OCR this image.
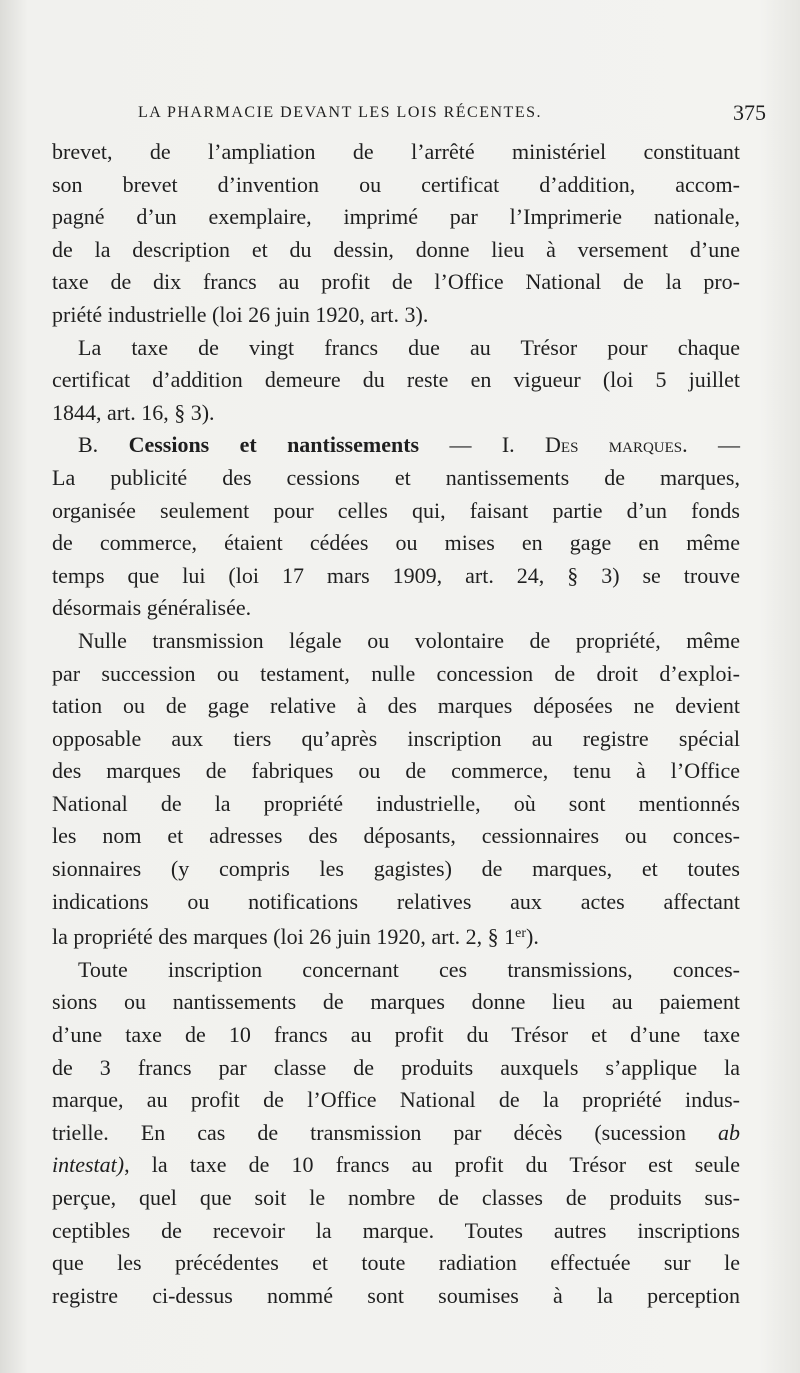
LA PHARMACIE DEVANT LES LOIS RÉCENTES.	375
brevet, de l’ampliation de l’arrêté ministériel constituant
son brevet d’invention ou certificat d’addition, accom-
pagné d’un exemplaire, imprimé par l’Imprimerie nationale,
de la description et du dessin, donne lieu à versement d’une
taxe de dix francs au profit de l’Office National de la pro-
priété industrielle (loi 26 juin 1920, art. 3).
La taxe de vingt francs due au Trésor pour chaque
certificat d’addition demeure du reste en vigueur (loi 5 juillet
1844, art. 16, § 3).
B. Cessions et nantissements — I. Des marques. —
La publicité des cessions et nantissements de marques,
organisée seulement pour celles qui, faisant partie d’un fonds
de commerce, étaient cédées ou mises en gage en même
temps que lui (loi 17 mars 1909, art. 24, § 3) se trouve
désormais généralisée.
Nulle transmission légale ou volontaire de propriété, même
par succession ou testament, nulle concession de droit d’exploi-
tation ou de gage relative à des marques déposées ne devient
opposable aux tiers qu’après inscription au registre spécial
des marques de fabriques ou de commerce, tenu à l’Office
National de la propriété industrielle, où sont mentionnés
les nom et adresses des déposants, cessionnaires ou conces-
sionnaires (y compris les gagistes) de marques, et toutes
indications ou notifications relatives aux actes affectant
la propriété des marques (loi 26 juin 1920, art. 2, § 1er).
Toute inscription concernant ces transmissions, conces-
sions ou nantissements de marques donne lieu au paiement
d’une taxe de 10 francs au profit du Trésor et d’une taxe
de 3 francs par classe de produits auxquels s’applique la
marque, au profit de l’Office National de la propriété indus-
trielle. En cas de transmission par décès (sucession ab
intestat), la taxe de 10 francs au profit du Trésor est seule
perçue, quel que soit le nombre de classes de produits sus-
ceptibles de recevoir la marque. Toutes autres inscriptions
que les précédentes et toute radiation effectuée sur le
registre ci-dessus nommé sont soumises à la perception
